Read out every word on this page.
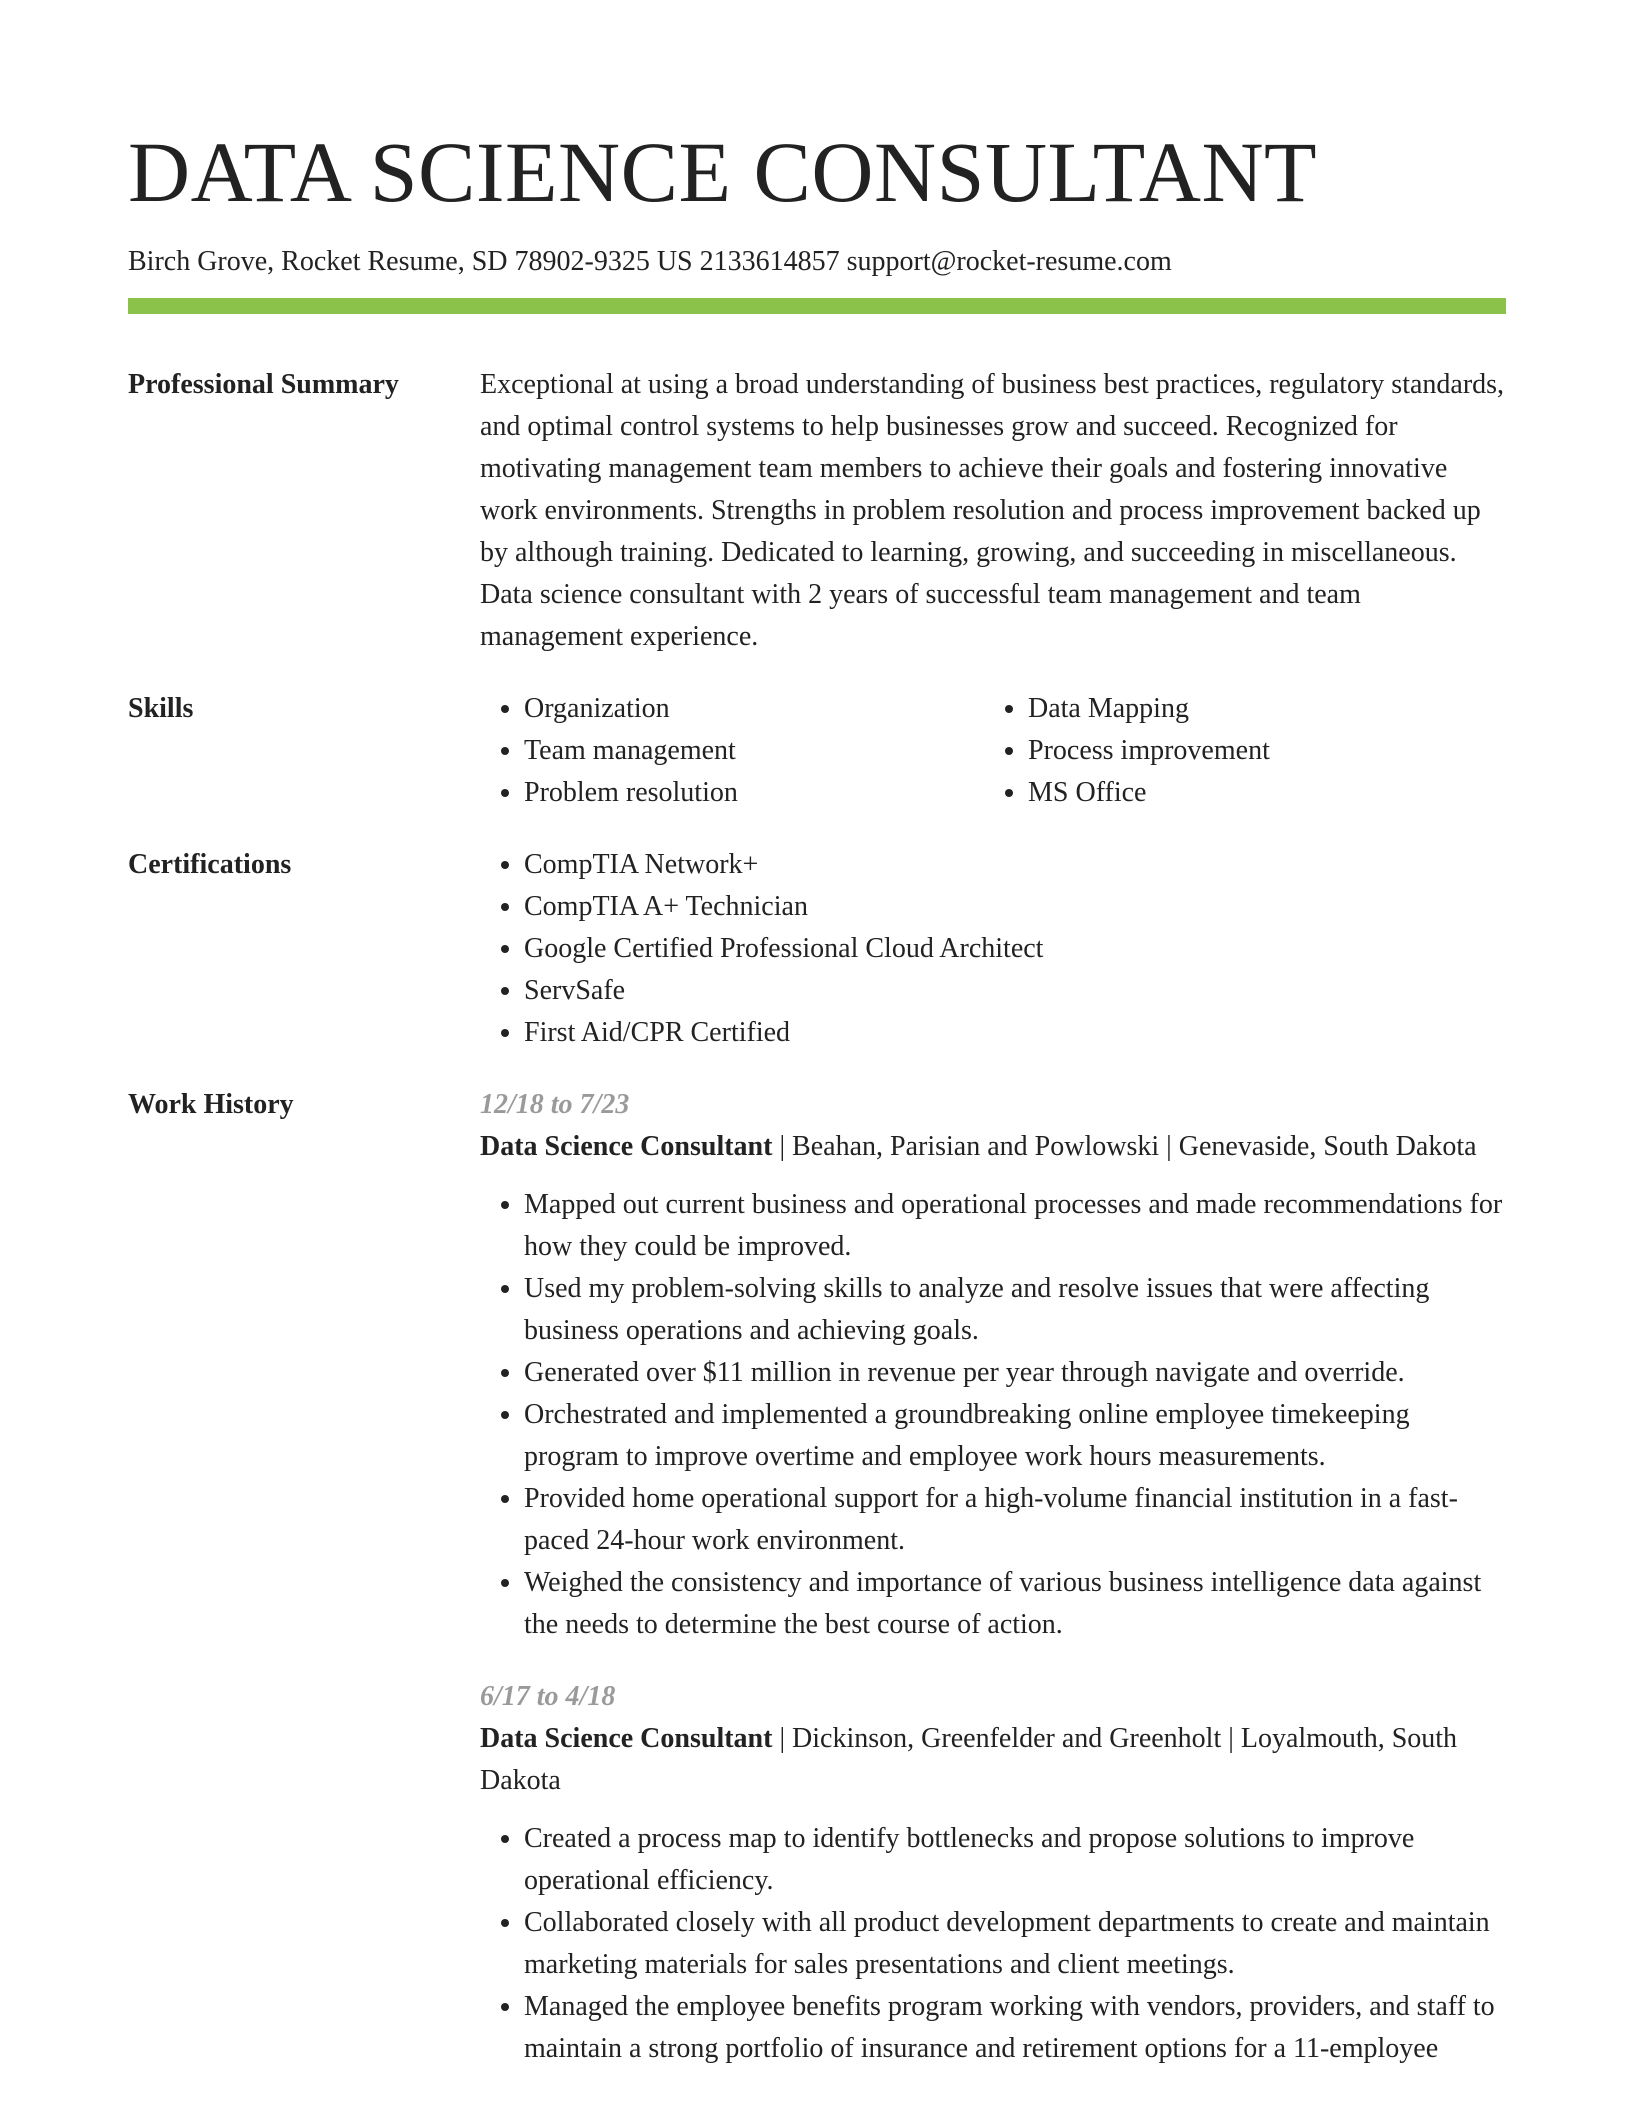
DATA SCIENCE CONSULTANT
Birch Grove, Rocket Resume, SD 78902-9325 US 2133614857 support@rocket-resume.com
Professional Summary	Exceptional at using a broad understanding of business best practices, regulatory standards, and optimal control systems to help businesses grow and succeed. Recognized for motivating management team members to achieve their goals and fostering innovative work environments. Strengths in problem resolution and process improvement backed up by although training. Dedicated to learning, growing, and succeeding in miscellaneous. Data science consultant with 2 years of successful team management and team management experience.

Skills	• Organization
• Team management
• Problem resolution
• Data Mapping
• Process improvement
• MS Office
Certifications	• CompTIA Network+
• CompTIA A+ Technician
• Google Certified Professional Cloud Architect
• ServSafe
• First Aid/CPR Certified
Work History	12/18 to 7/23
Data Science Consultant | Beahan, Parisian and Powlowski | Genevaside, South Dakota
• Mapped out current business and operational processes and made recommendations for how they could be improved.
• Used my problem-solving skills to analyze and resolve issues that were affecting business operations and achieving goals.
• Generated over $11 million in revenue per year through navigate and override.
• Orchestrated and implemented a groundbreaking online employee timekeeping program to improve overtime and employee work hours measurements.
• Provided home operational support for a high-volume financial institution in a fast-paced 24-hour work environment.
• Weighed the consistency and importance of various business intelligence data against the needs to determine the best course of action.
6/17 to 4/18
Data Science Consultant | Dickinson, Greenfelder and Greenholt | Loyalmouth, South Dakota
• Created a process map to identify bottlenecks and propose solutions to improve operational efficiency.
• Collaborated closely with all product development departments to create and maintain marketing materials for sales presentations and client meetings.
• Managed the employee benefits program working with vendors, providers, and staff to maintain a strong portfolio of insurance and retirement options for a 11-employee
